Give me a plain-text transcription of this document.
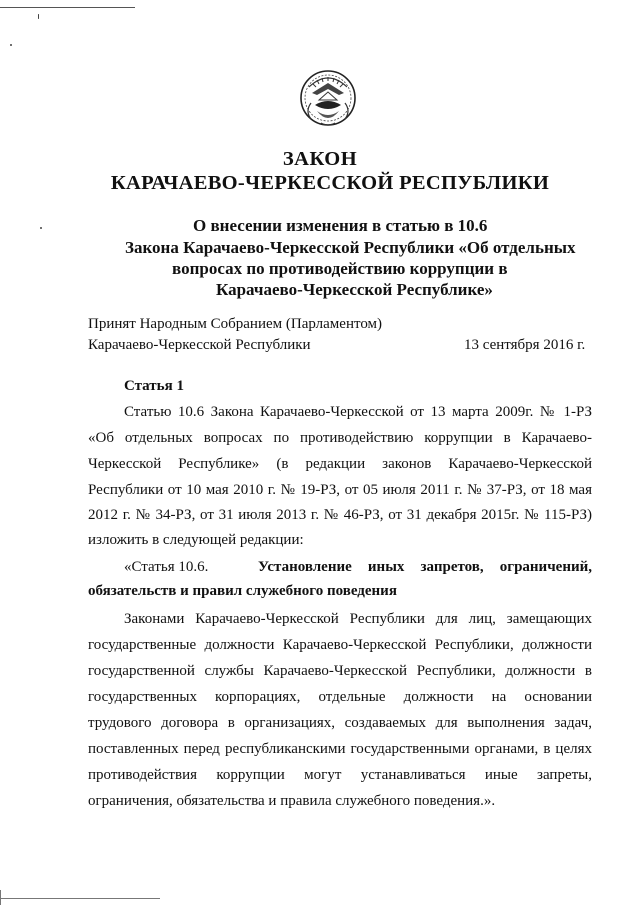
ЗАКОН
КАРАЧАЕВО-ЧЕРКЕССКОЙ РЕСПУБЛИКИ
О внесении изменения в статью в 10.6
Закона Карачаево-Черкесской Республики «Об отдельных
вопросах по противодействию коррупции в
Карачаево-Черкесской Республике»
Принят Народным Собранием (Парламентом)
Карачаево-Черкесской Республики	13 сентября 2016 г.
Статья 1
Статью 10.6 Закона Карачаево-Черкесской от 13 марта 2009г. № 1-РЗ
«Об отдельных вопросах по противодействию коррупции в Карачаево-
Черкесской Республике» (в редакции законов Карачаево-Черкесской
Республики от 10 мая 2010 г. № 19-РЗ, от 05 июля 2011 г. № 37-РЗ, от 18 мая
2012 г. № 34-РЗ, от 31 июля 2013 г. № 46-РЗ, от 31 декабря 2015г. № 115-РЗ)
изложить в следующей редакции:
«Статья 10.6.	Установление иных запретов, ограничений,
обязательств и правил служебного поведения
Законами Карачаево-Черкесской Республики для лиц, замещающих
государственные должности Карачаево-Черкесской Республики, должности
государственной службы Карачаево-Черкесской Республики, должности в
государственных корпорациях, отдельные должности на основании
трудового договора в организациях, создаваемых для выполнения задач,
поставленных перед республиканскими государственными органами, в целях
противодействия коррупции могут устанавливаться иные запреты,
ограничения, обязательства и правила служебного поведения.».
